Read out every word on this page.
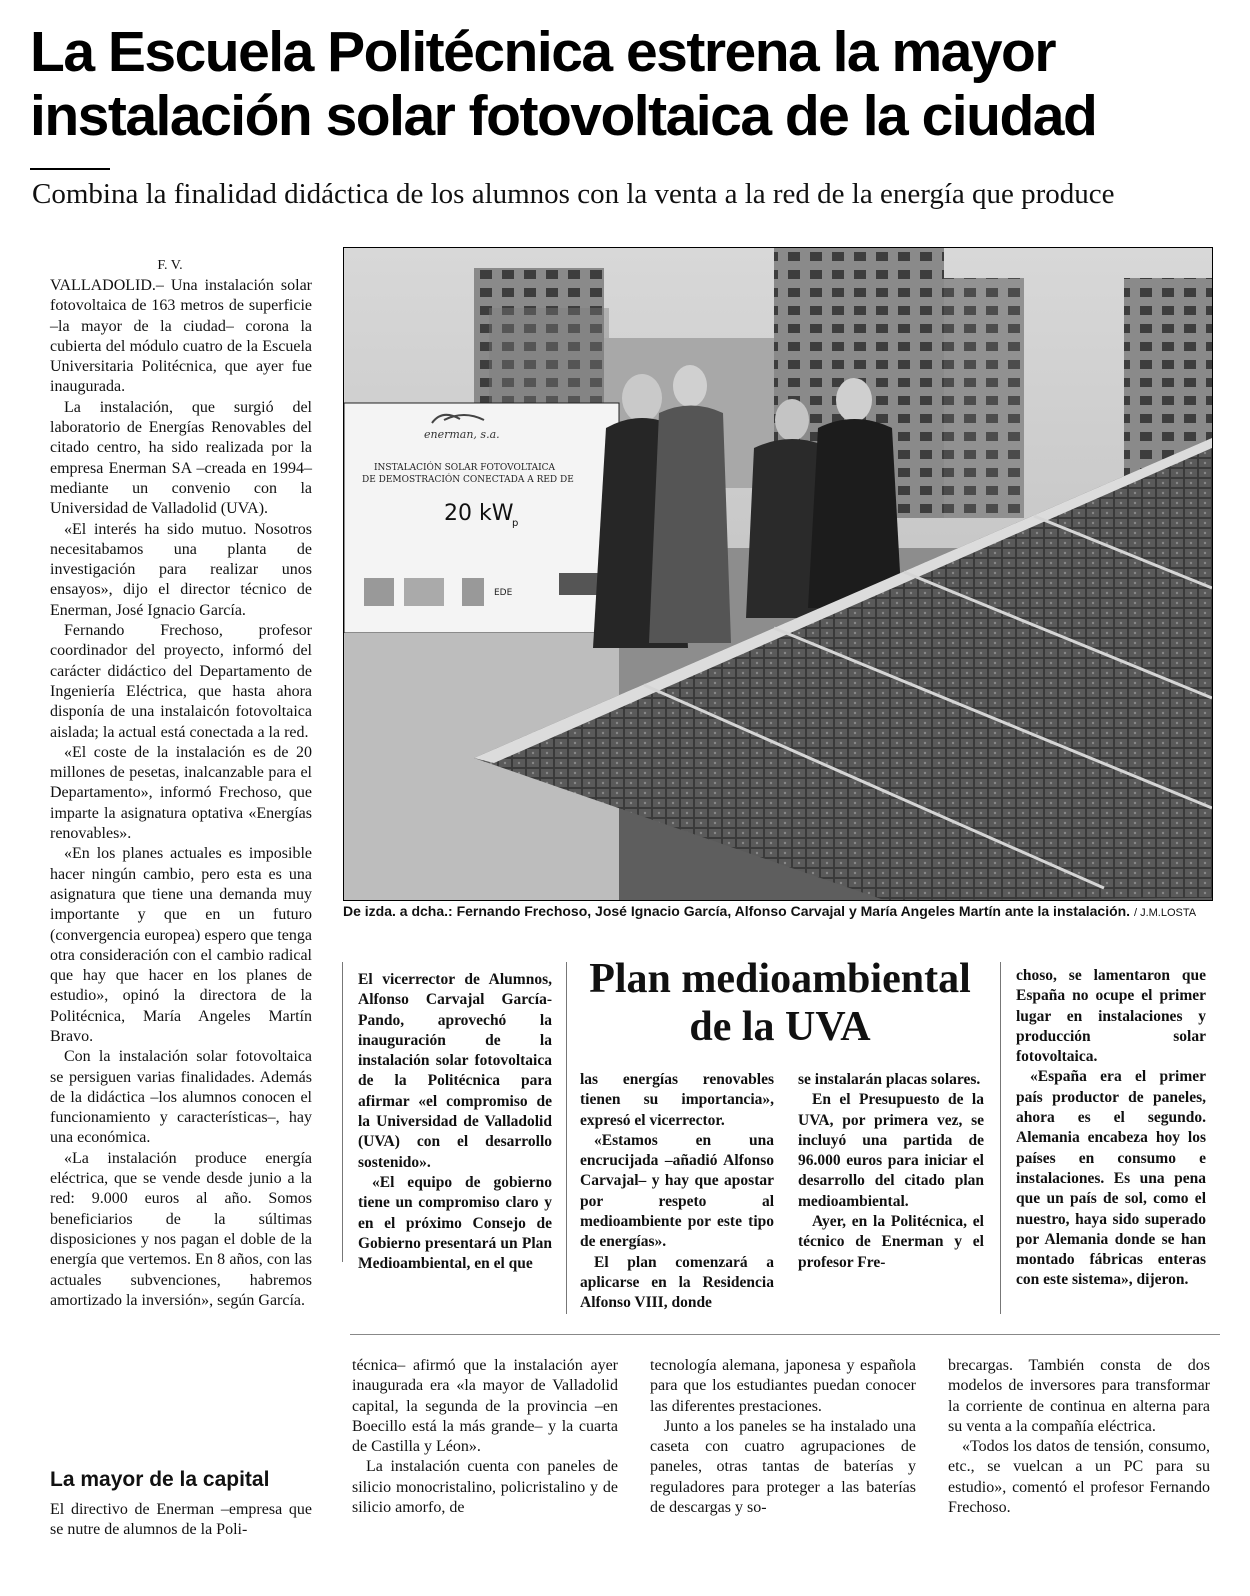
La Escuela Politécnica estrena la mayor instalación solar fotovoltaica de la ciudad
Combina la finalidad didáctica de los alumnos con la venta a la red de la energía que produce
F. V.

VALLADOLID.– Una instalación solar fotovoltaica de 163 metros de superficie –la mayor de la ciudad– corona la cubierta del módulo cuatro de la Escuela Universitaria Politécnica, que ayer fue inaugurada.

La instalación, que surgió del laboratorio de Energías Renovables del citado centro, ha sido realizada por la empresa Enerman SA –creada en 1994– mediante un convenio con la Universidad de Valladolid (UVA).

«El interés ha sido mutuo. Nosotros necesitabamos una planta de investigación para realizar unos ensayos», dijo el director técnico de Enerman, José Ignacio García.

Fernando Frechoso, profesor coordinador del proyecto, informó del carácter didáctico del Departamento de Ingeniería Eléctrica, que hasta ahora disponía de una instalaicón fotovoltaica aislada; la actual está conectada a la red.

«El coste de la instalación es de 20 millones de pesetas, inalcanzable para el Departamento», informó Frechoso, que imparte la asignatura optativa «Energías renovables».

«En los planes actuales es imposible hacer ningún cambio, pero esta es una asignatura que tiene una demanda muy importante y que en un futuro (convergencia europea) espero que tenga otra consideración con el cambio radical que hay que hacer en los planes de estudio», opinó la directora de la Politécnica, María Angeles Martín Bravo.

Con la instalación solar fotovoltaica se persiguen varias finalidades. Además de la didáctica –los alumnos conocen el funcionamiento y características–, hay una económica.

«La instalación produce energía eléctrica, que se vende desde junio a la red: 9.000 euros al año. Somos beneficiarios de la súltimas disposiciones y nos pagan el doble de la energía que vertemos. En 8 años, con las actuales subvenciones, habremos amortizado la inversión», según García.

La mayor de la capital

El directivo de Enerman –empresa que se nutre de alumnos de la Poli-

enerman, s.a.
INSTALACIÓN SOLAR FOTOVOLTAICA
DE DEMOSTRACIÓN CONECTADA A RED DE
20 kW
p
EDE
De izda. a dcha.: Fernando Frechoso, José Ignacio García, Alfonso Carvajal y María Angeles Martín ante la instalación. / J.M.LOSTA

El vicerrector de Alumnos, Alfonso Carvajal García-Pando, aprovechó la inauguración de la instalación solar fotovoltaica de la Politécnica para afirmar «el compromiso de la Universidad de Valladolid (UVA) con el desarrollo sostenido».

«El equipo de gobierno tiene un compromiso claro y en el próximo Consejo de Gobierno presentará un Plan Medioambiental, en el que

Plan medioambiental de la UVA

las energías renovables tienen su importancia», expresó el vicerrector.

«Estamos en una encrucijada –añadió Alfonso Carvajal– y hay que apostar por respeto al medioambiente por este tipo de energías».

El plan comenzará a aplicarse en la Residencia Alfonso VIII, donde

se instalarán placas solares.

En el Presupuesto de la UVA, por primera vez, se incluyó una partida de 96.000 euros para iniciar el desarrollo del citado plan medioambiental.

Ayer, en la Politécnica, el técnico de Enerman y el profesor Fre-

choso, se lamentaron que España no ocupe el primer lugar en instalaciones y producción solar fotovoltaica.

«España era el primer país productor de paneles, ahora es el segundo. Alemania encabeza hoy los países en consumo e instalaciones. Es una pena que un país de sol, como el nuestro, haya sido superado por Alemania donde se han montado fábricas enteras con este sistema», dijeron.

técnica– afirmó que la instalación ayer inaugurada era «la mayor de Valladolid capital, la segunda de la provincia –en Boecillo está la más grande– y la cuarta de Castilla y Léon».

La instalación cuenta con paneles de silicio monocristalino, policristalino y de silicio amorfo, de

tecnología alemana, japonesa y española para que los estudiantes puedan conocer las diferentes prestaciones.

Junto a los paneles se ha instalado una caseta con cuatro agrupaciones de paneles, otras tantas de baterías y reguladores para proteger a las baterías de descargas y so-

brecargas. También consta de dos modelos de inversores para transformar la corriente de continua en alterna para su venta a la compañía eléctrica.

«Todos los datos de tensión, consumo, etc., se vuelcan a un PC para su estudio», comentó el profesor Fernando Frechoso.
